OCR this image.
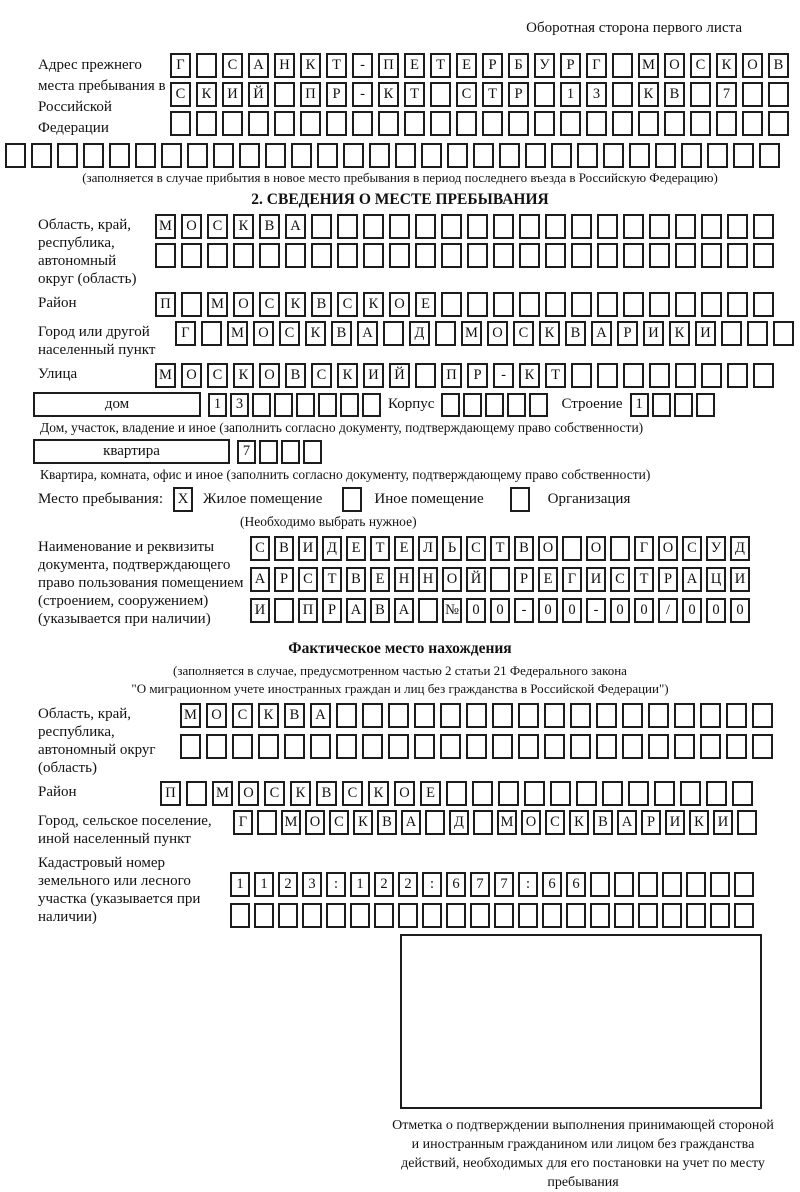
Оборотная сторона первого листа
Адрес прежнего места пребывания в Российской Федерации
Г	С	А	Н	К	Т	-	П	Е	Т	Е	Р	Б	У	Р	Г	М О	С	К	О	В
С	К	И	Й	П	Р	-	К	Т	С	Т	Р	1	3	К	В	7
(заполняется в случае прибытия в новое место пребывания в период последнего въезда в Российскую Федерацию)
2. СВЕДЕНИЯ О МЕСТЕ ПРЕБЫВАНИЯ
Область, край, республика, автономный округ (область)
М О	С	К	В	А
Район	П	М О	С	К	В	С	К	О	Е
Город или другой населенный пункт
Г	М О	С	К	В	А	Д	М О	С	К	В	А	Р	И	К	И
Улица	М О	С	К	О	В	С	К	И	Й	П	Р	-	К	Т
дом	1	3	Корпус	Строение 1
Дом, участок, владение и иное (заполнить согласно документу, подтверждающему право собственности)
квартира	7
Квартира, комната, офис и иное (заполнить согласно документу, подтверждающему право собственности)
Место пребывания: X Жилое помещение	Иное помещение	Организация
(Необходимо выбрать нужное)
Наименование и реквизиты документа, подтверждающего право пользования помещением (строением, сооружением) (указывается при наличии)
С В И Д	Е	Т	Е	Л	Ь	С	Т	В О	О	Г	О С У Д
А	Р	С	Т	В	Е Н Н О Й	Р	Е	Г	И С	Т	Р	А Ц И
И	П	Р	А В А	№ 0	0	-	0	0	-	0	0	/	0	0	0
Фактическое место нахождения
(заполняется в случае, предусмотренном частью 2 статьи 21 Федерального закона
"О миграционном учете иностранных граждан и лиц без гражданства в Российской Федерации")
Область, край, республика, автономный округ (область)
М О	С	К	В	А
Район	П	М О	С	К	В	С	К	О	Е
Город, сельское поселение, иной населенный пункт
Г	М О С К В А	Д	М О С К В А	Р	И К И
Кадастровый номер земельного или лесного участка (указывается при наличии)
1	1	2	3	:	1	2	2	:	6	7	7	:	6	6
Отметка о подтверждении выполнения принимающей стороной и иностранным гражданином или лицом без гражданства действий, необходимых для его постановки на учет по месту пребывания
